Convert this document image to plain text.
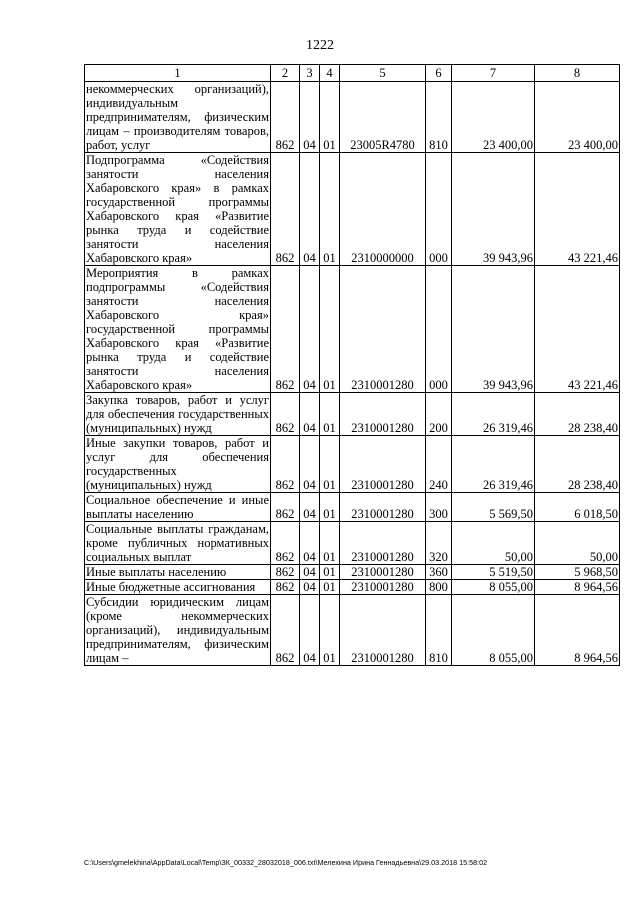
1222
1	2	3	4	5	6	7	8
некоммерческих организаций), индивидуальным предпринимателям, физическим лицам – производителям товаров, работ, услуг	862	04	01	23005R4780	810	23 400,00	23 400,00
Подпрограмма «Содействия занятости населения Хабаровского края» в рамках государственной программы Хабаровского края «Развитие рынка труда и содействие занятости населения Хабаровского края»	862	04	01	2310000000	000	39 943,96	43 221,46
Мероприятия в рамках подпрограммы «Содействия занятости населения Хабаровского края» государственной программы Хабаровского края «Развитие рынка труда и содействие занятости населения Хабаровского края»	862	04	01	2310001280	000	39 943,96	43 221,46
Закупка товаров, работ и услуг для обеспечения государственных (муниципальных) нужд	862	04	01	2310001280	200	26 319,46	28 238,40
Иные закупки товаров, работ и услуг для обеспечения государственных (муниципальных) нужд	862	04	01	2310001280	240	26 319,46	28 238,40
Социальное обеспечение и иные выплаты населению	862	04	01	2310001280	300	5 569,50	6 018,50
Социальные выплаты гражданам, кроме публичных нормативных социальных выплат	862	04	01	2310001280	320	50,00	50,00
Иные выплаты населению	862	04	01	2310001280	360	5 519,50	5 968,50
Иные бюджетные ассигнования	862	04	01	2310001280	800	8 055,00	8 964,56
Субсидии юридическим лицам (кроме некоммерческих организаций), индивидуальным предпринимателям, физическим лицам –	862	04	01	2310001280	810	8 055,00	8 964,56
C:\Users\gmelekhina\AppData\Local\Temp\ЗК_00332_28032018_006.txt\Мелехина Ирина Геннадьевна\29.03.2018 15:58:02
